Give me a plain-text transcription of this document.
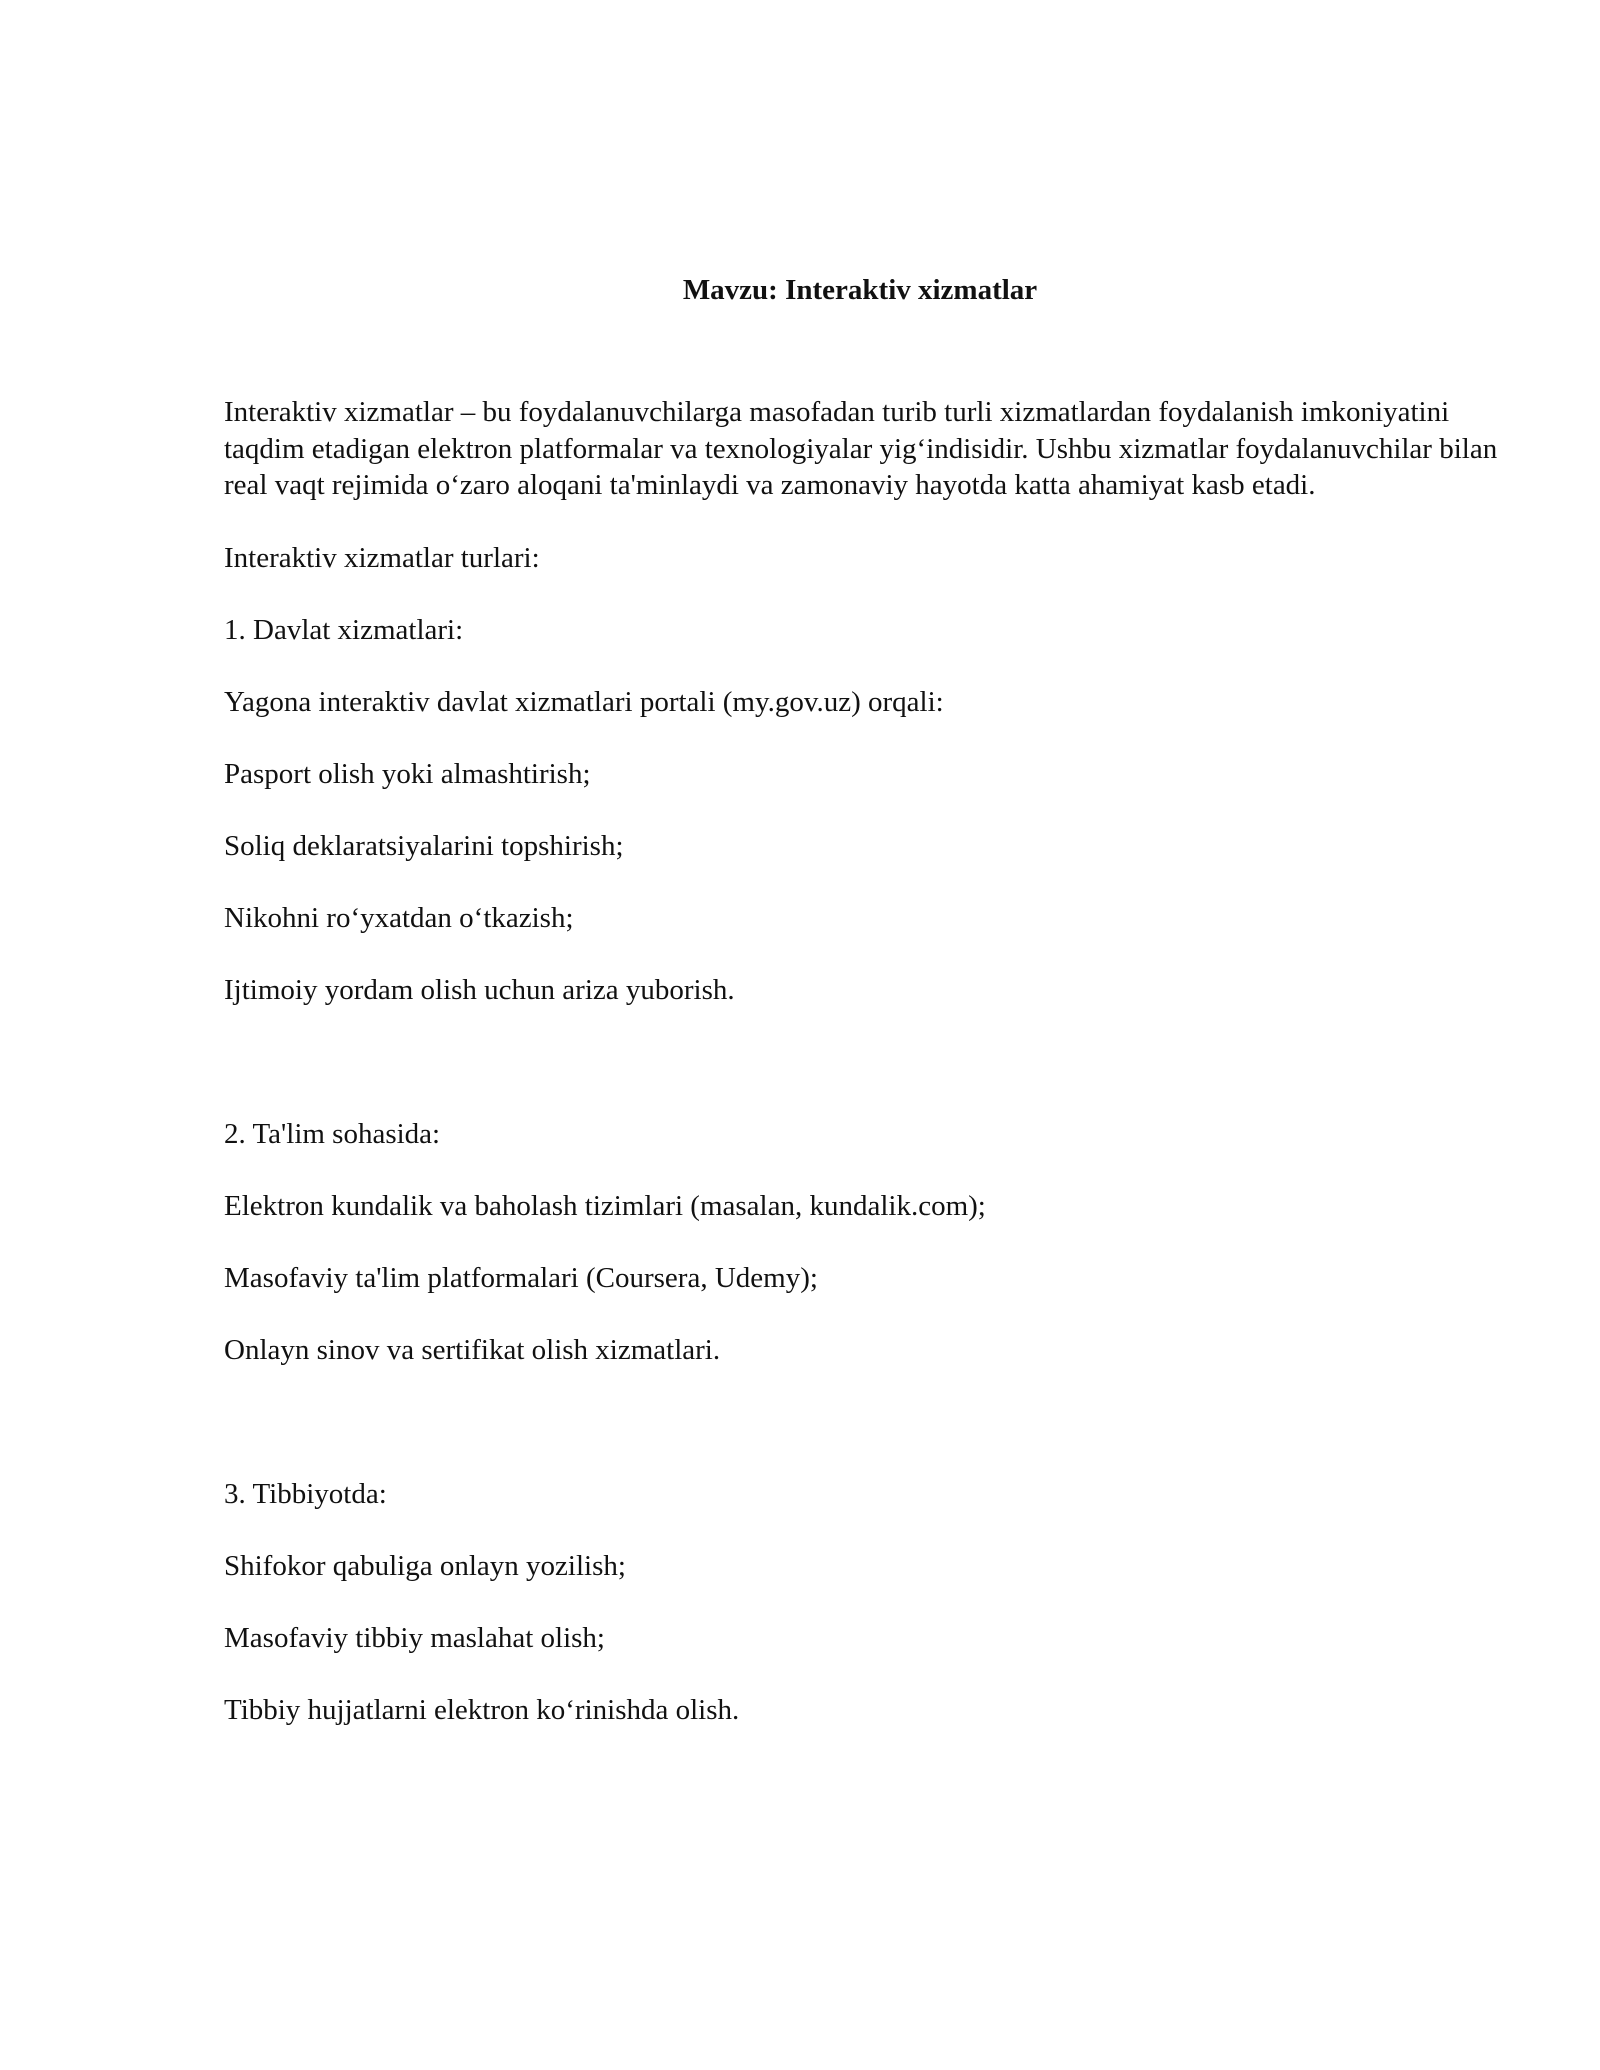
Mavzu: Interaktiv xizmatlar

Interaktiv xizmatlar – bu foydalanuvchilarga masofadan turib turli xizmatlardan foydalanish imkoniyatini taqdim etadigan elektron platformalar va texnologiyalar yig‘indisidir. Ushbu xizmatlar foydalanuvchilar bilan real vaqt rejimida o‘zaro aloqani ta'minlaydi va zamonaviy hayotda katta ahamiyat kasb etadi.

Interaktiv xizmatlar turlari:

1. Davlat xizmatlari:

Yagona interaktiv davlat xizmatlari portali (my.gov.uz) orqali:

Pasport olish yoki almashtirish;

Soliq deklaratsiyalarini topshirish;

Nikohni ro‘yxatdan o‘tkazish;

Ijtimoiy yordam olish uchun ariza yuborish.

2. Ta'lim sohasida:

Elektron kundalik va baholash tizimlari (masalan, kundalik.com);

Masofaviy ta'lim platformalari (Coursera, Udemy);

Onlayn sinov va sertifikat olish xizmatlari.

3. Tibbiyotda:

Shifokor qabuliga onlayn yozilish;

Masofaviy tibbiy maslahat olish;

Tibbiy hujjatlarni elektron ko‘rinishda olish.
